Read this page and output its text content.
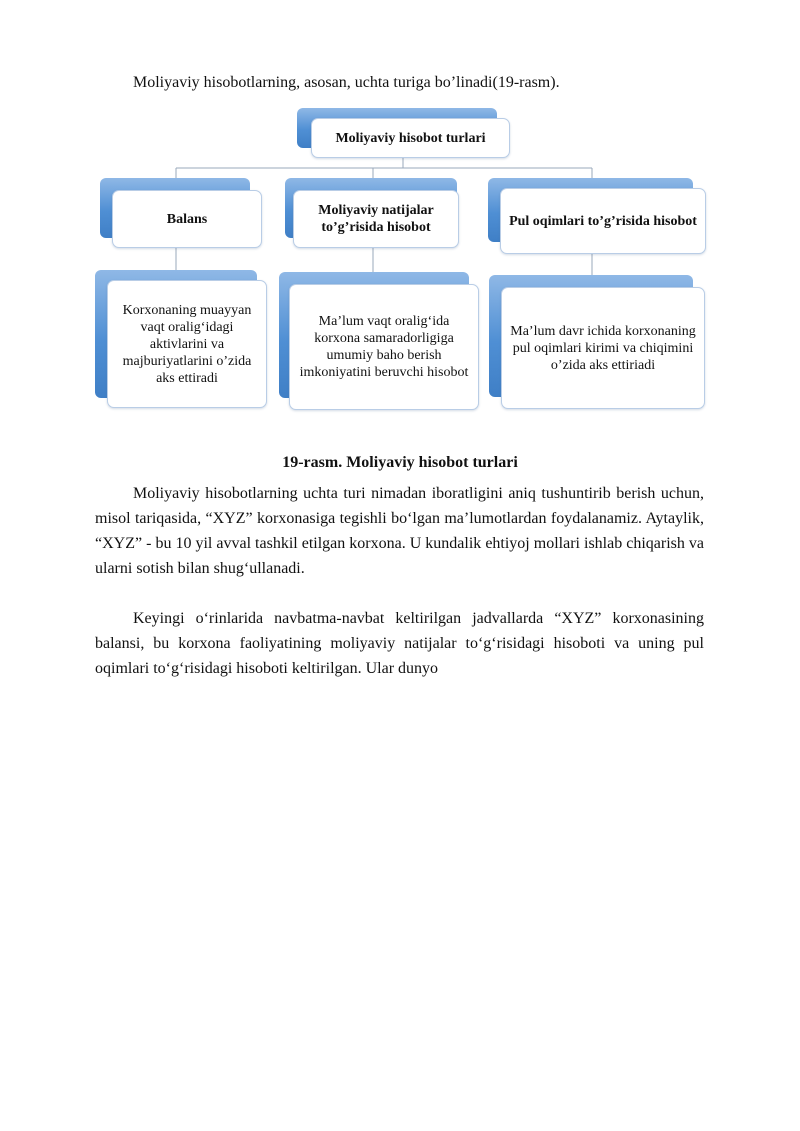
Moliyaviy hisobotlarning, asosan, uchta turiga bo’linadi(19-rasm).
Moliyaviy hisobot turlari
Balans
Moliyaviy natijalar to’g’risida hisobot	Pul oqimlari to’g’risida hisobot
Korxonaning muayyan vaqt oralig‘idagi aktivlarini va majburiyatlarini o’zida aks ettiradi
Ma’lum vaqt oralig‘ida korxona samaradorligiga umumiy baho berish imkoniyatini beruvchi hisobot
Ma’lum davr ichida korxonaning pul oqimlari kirimi va chiqimini o’zida aks ettiriadi
19-rasm. Moliyaviy hisobot turlari

Moliyaviy hisobotlarning uchta turi nimadan iboratligini aniq tushuntirib berish uchun, misol tariqasida, “XYZ” korxonasiga tegishli bo‘lgan ma’lumotlardan foydalanamiz. Aytaylik, “XYZ” - bu 10 yil avval tashkil etilgan korxona. U kundalik ehtiyoj mollari ishlab chiqarish va ularni sotish bilan shug‘ullanadi.

Keyingi o‘rinlarida navbatma-navbat keltirilgan jadvallarda “XYZ” korxonasining balansi, bu korxona faoliyatining moliyaviy natijalar to‘g‘risidagi hisoboti va uning pul oqimlari to‘g‘risidagi hisoboti keltirilgan. Ular dunyo
